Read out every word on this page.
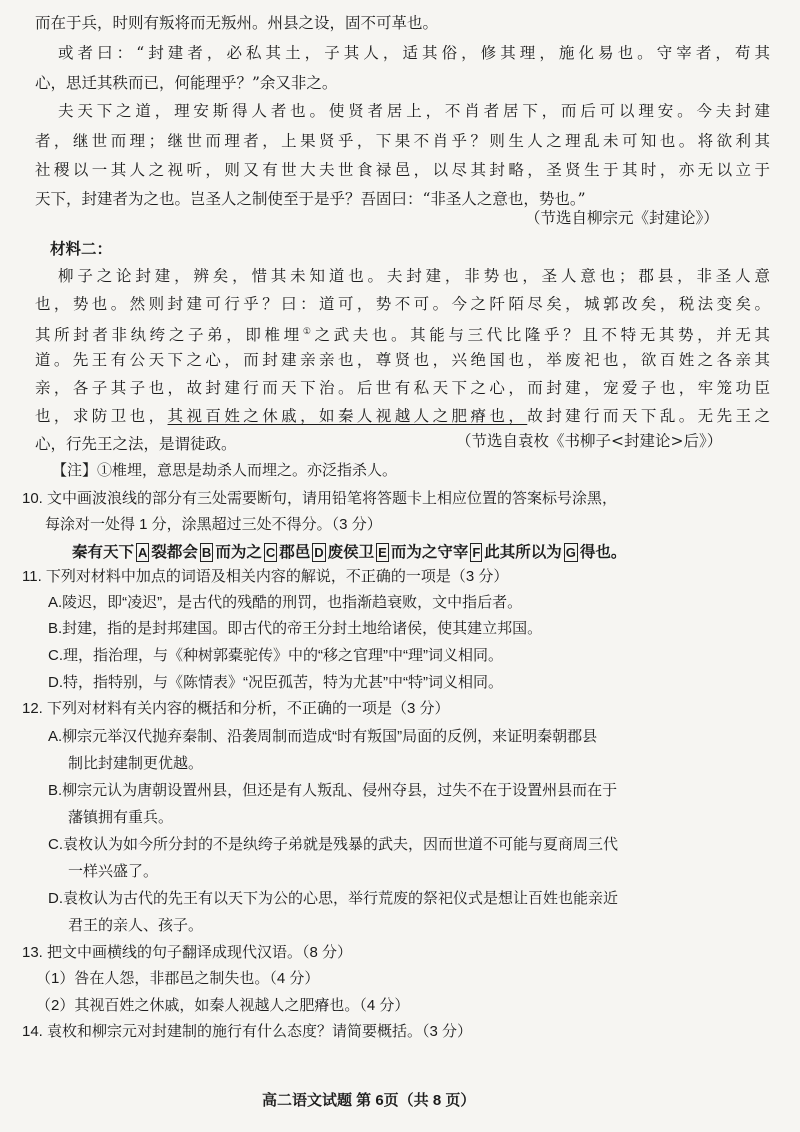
而在于兵，时则有叛将而无叛州。州县之设，固不可革也。
或者曰：“封建者，必私其土，子其人，适其俗，修其理，施化易也。守宰者，苟其
心，思迁其秩而已，何能理乎？”余又非之。
夫天下之道，理安斯得人者也。使贤者居上，不肖者居下，而后可以理安。今夫封建
者，继世而理；继世而理者，上果贤乎，下果不肖乎？则生人之理乱未可知也。将欲利其
社稷以一其人之视听，则又有世大夫世食禄邑，以尽其封略，圣贤生于其时，亦无以立于
天下，封建者为之也。岂圣人之制使至于是乎？吾固曰：“非圣人之意也，势也。”
（节选自柳宗元《封建论》）
材料二：
柳子之论封建，辨矣，惜其未知道也。夫封建，非势也，圣人意也；郡县，非圣人意
也，势也。然则封建可行乎？曰：道可，势不可。今之阡陌尽矣，城郭改矣，税法变矣。
其所封者非纨绔之子弟，即椎埋①之武夫也。其能与三代比隆乎？且不特无其势，并无其
道。先王有公天下之心，而封建亲亲也，尊贤也，兴绝国也，举废祀也，欲百姓之各亲其
亲，各子其子也，故封建行而天下治。后世有私天下之心，而封建，宠爱子也，牢笼功臣
也，求防卫也，其视百姓之休戚，如秦人视越人之肥瘠也，故封建行而天下乱。无先王之
心，行先王之法，是谓徒政。	（节选自袁枚《书柳子<封建论>后》）
【注】①椎埋，意思是劫杀人而埋之。亦泛指杀人。
10. 文中画波浪线的部分有三处需要断句，请用铅笔将答题卡上相应位置的答案标号涂黑，
每涂对一处得 1 分，涂黑超过三处不得分。（3 分）
秦有天下 A 裂都会 B 而为之 C 郡邑 D 废侯卫 E 而为之守宰 F 此其所以为 G 得也。
11. 下列对材料中加点的词语及相关内容的解说，不正确的一项是（3 分）
A.陵迟，即“凌迟”，是古代的残酷的刑罚，也指渐趋衰败，文中指后者。
B.封建，指的是封邦建国。即古代的帝王分封土地给诸侯，使其建立邦国。
C.理，指治理，与《种树郭橐驼传》中的“移之官理”中“理”词义相同。
D.特，指特别，与《陈情表》“况臣孤苦，特为尤甚”中“特”词义相同。
12. 下列对材料有关内容的概括和分析，不正确的一项是（3 分）
A.柳宗元举汉代抛弃秦制、沿袭周制而造成“时有叛国”局面的反例，来证明秦朝郡县
制比封建制更优越。
B.柳宗元认为唐朝设置州县，但还是有人叛乱、侵州夺县，过失不在于设置州县而在于
藩镇拥有重兵。
C.袁枚认为如今所分封的不是纨绔子弟就是残暴的武夫，因而世道不可能与夏商周三代
一样兴盛了。
D.袁枚认为古代的先王有以天下为公的心思，举行荒废的祭祀仪式是想让百姓也能亲近
君王的亲人、孩子。
13. 把文中画横线的句子翻译成现代汉语。（8 分）
（1）咎在人怨，非郡邑之制失也。（4 分）
（2）其视百姓之休戚，如秦人视越人之肥瘠也。（4 分）
14. 袁枚和柳宗元对封建制的施行有什么态度？请简要概括。（3 分）
高二语文试题 第 6页（共 8 页）
